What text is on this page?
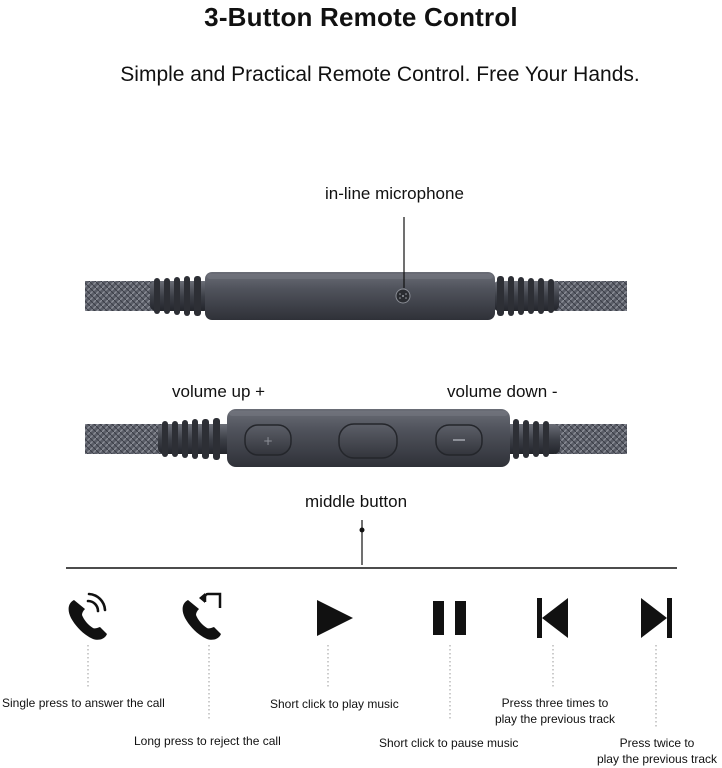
3-Button Remote Control
Simple and Practical Remote Control. Free Your Hands.
+
in-line microphone
volume up +	volume down -
middle button
Single press to answer the call
Long press to reject the call
Short click to play music
Short click to pause music
Press three times to
play the previous track
Press twice to
play the previous track
